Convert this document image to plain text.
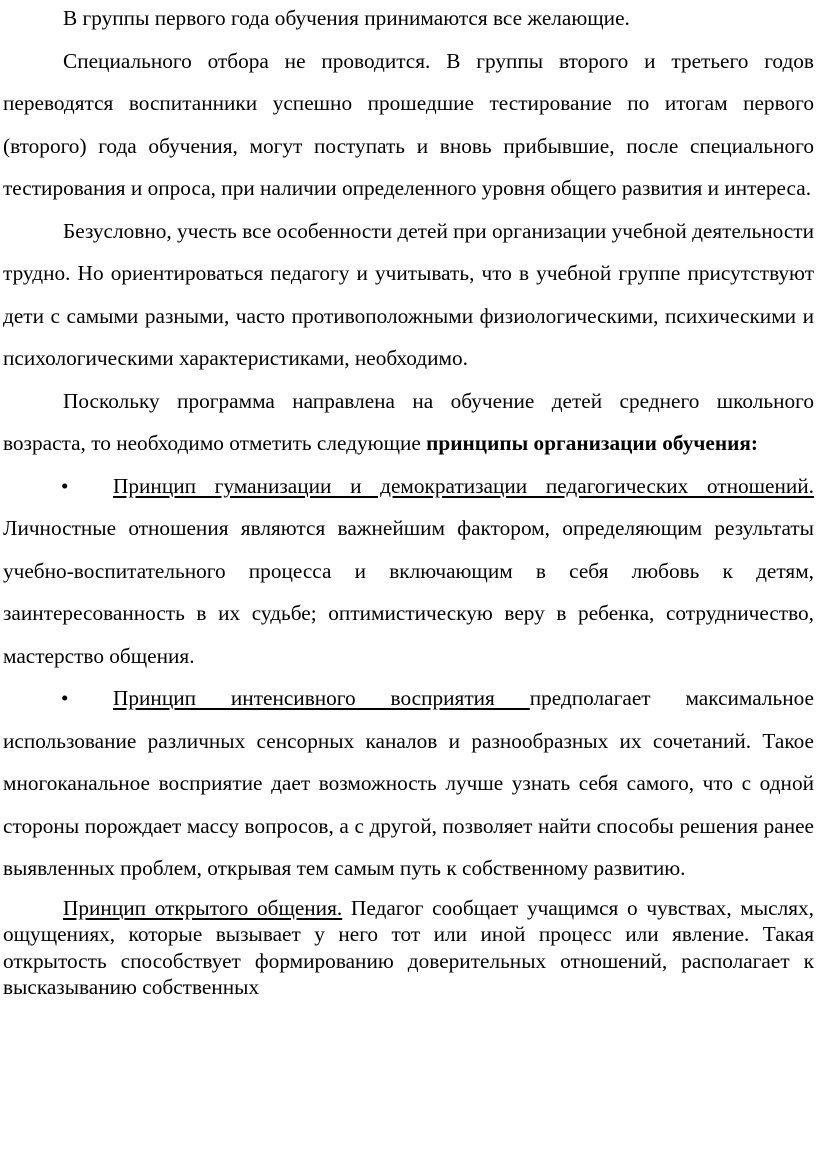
В группы первого года обучения принимаются все желающие.

Специального отбора не проводится. В группы второго и третьего годов переводятся воспитанники успешно прошедшие тестирование по итогам первого (второго) года обучения, могут поступать и вновь прибывшие, после специального тестирования и опроса, при наличии определенного уровня общего развития и интереса.

Безусловно, учесть все особенности детей при организации учебной деятельности трудно. Но ориентироваться педагогу и учитывать, что в учебной группе присутствуют дети с самыми разными, часто противоположными физиологическими, психическими и психологическими характеристиками, необходимо.

Поскольку программа направлена на обучение детей среднего школьного возраста, то необходимо отметить следующие принципы организации обучения:

• Принцип гуманизации и демократизации педагогических отношений. Личностные отношения являются важнейшим фактором, определяющим результаты учебно-воспитательного процесса и включающим в себя любовь к детям, заинтересованность в их судьбе; оптимистическую веру в ребенка, сотрудничество, мастерство общения.

• Принцип интенсивного восприятия предполагает максимальное использование различных сенсорных каналов и разнообразных их сочетаний. Такое многоканальное восприятие дает возможность лучше узнать себя самого, что с одной стороны порождает массу вопросов, а с другой, позволяет найти способы решения ранее выявленных проблем, открывая тем самым путь к собственному развитию.

Принцип открытого общения. Педагог сообщает учащимся о чувствах, мыслях, ощущениях, которые вызывает у него тот или иной процесс или явление. Такая открытость способствует формированию доверительных отношений, располагает к высказыванию собственных
